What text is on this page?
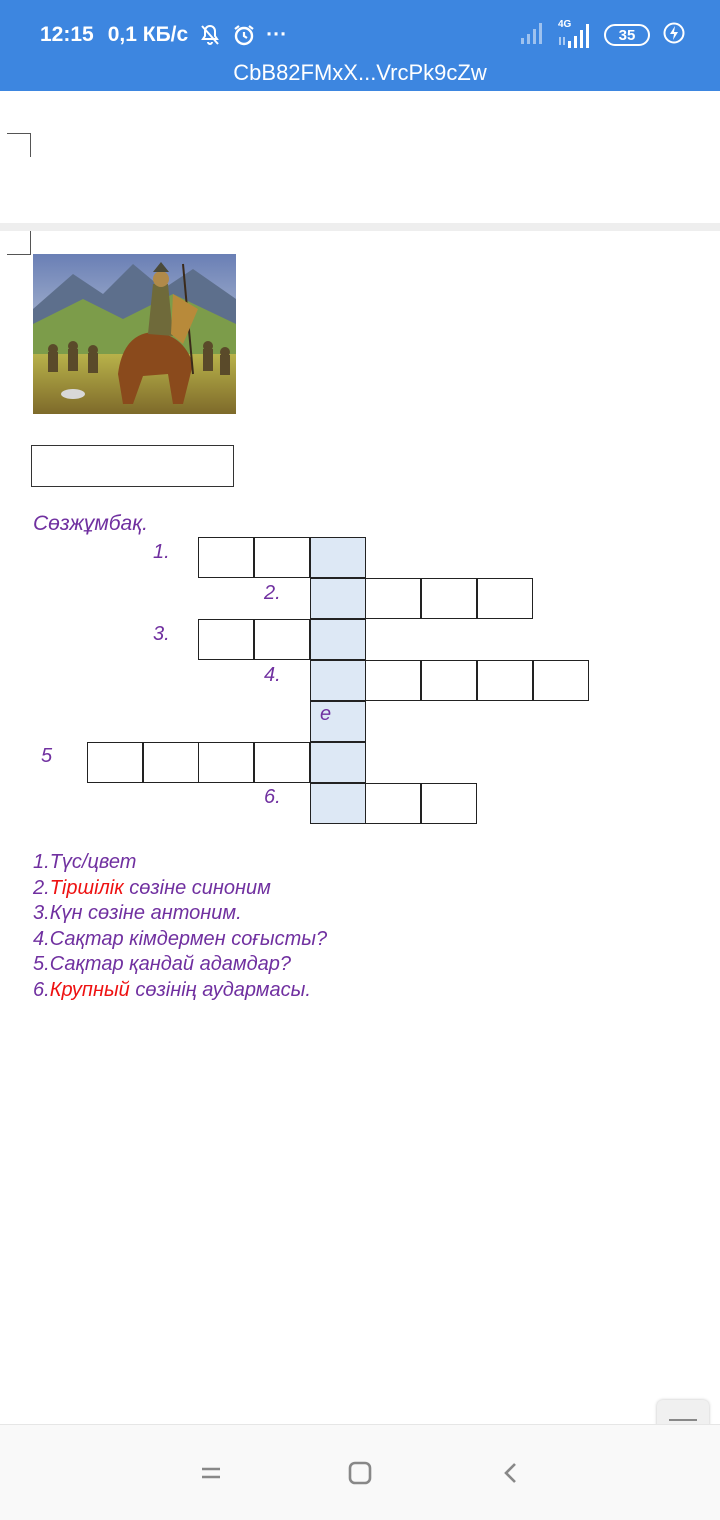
12:15 0,1 КБ/с	···	4G
35
CbB82FMxX...VrcPk9cZw
Сөзжұмбақ.
1.
2.
3.
4.
е
5
6.
1.Түс/цвет
2.Тіршілік сөзіне синоним
3.Күн сөзіне антоним.
4.Сақтар кімдермен соғысты?
5.Сақтар қандай адамдар?
6.Крупный сөзінің аудармасы.
